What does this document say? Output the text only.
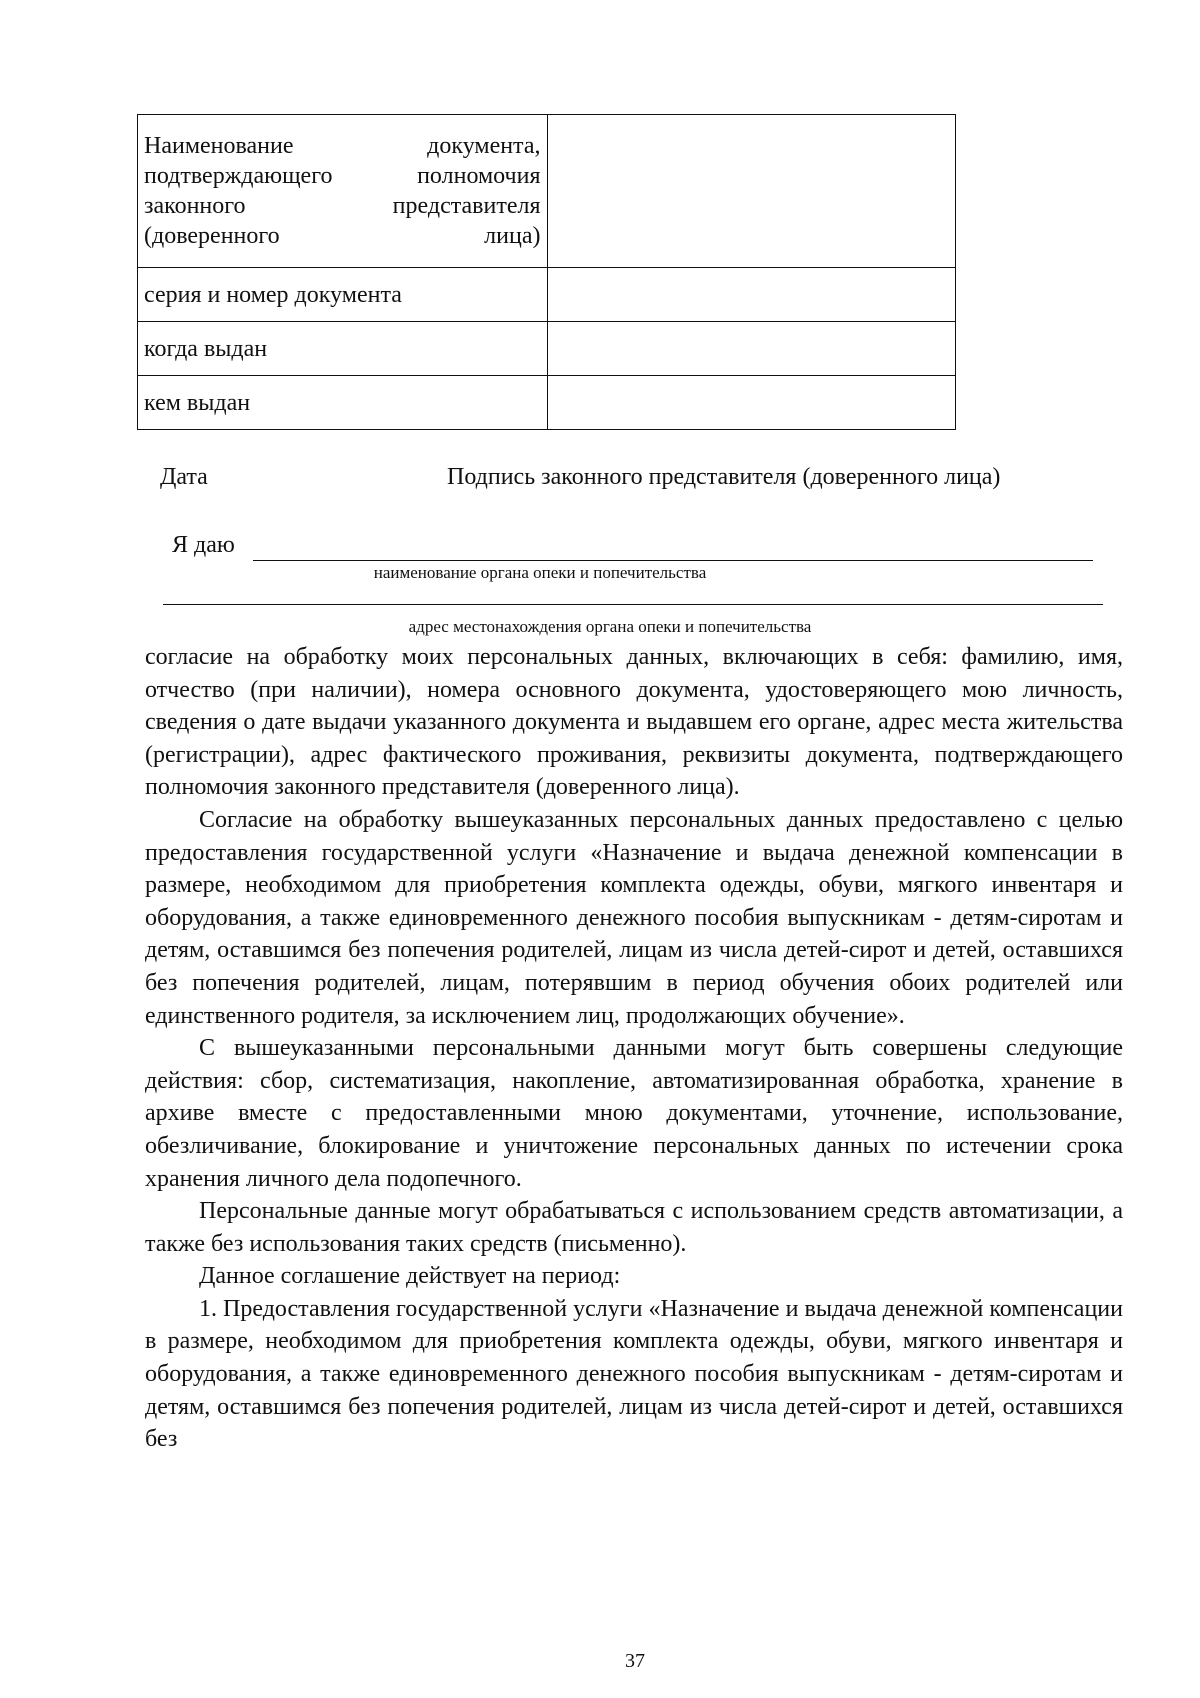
Наименование документа, подтверждающего полномочия законного представителя (доверенного лица)	
серия и номер документа	
когда выдан	
кем выдан	
Дата	Подпись законного представителя (доверенного лица)
Я даю
наименование органа опеки и попечительства
адрес местонахождения органа опеки и попечительства

согласие на обработку моих персональных данных, включающих в себя: фамилию, имя, отчество (при наличии), номера основного документа, удостоверяющего мою личность, сведения о дате выдачи указанного документа и выдавшем его органе, адрес места жительства (регистрации), адрес фактического проживания, реквизиты документа, подтверждающего полномочия законного представителя (доверенного лица).

Согласие на обработку вышеуказанных персональных данных предоставлено с целью предоставления государственной услуги «Назначение и выдача денежной компенсации в размере, необходимом для приобретения комплекта одежды, обуви, мягкого инвентаря и оборудования, а также единовременного денежного пособия выпускникам - детям-сиротам и детям, оставшимся без попечения родителей, лицам из числа детей-сирот и детей, оставшихся без попечения родителей, лицам, потерявшим в период обучения обоих родителей или единственного родителя, за исключением лиц, продолжающих обучение».

С вышеуказанными персональными данными могут быть совершены следующие действия: сбор, систематизация, накопление, автоматизированная обработка, хранение в архиве вместе с предоставленными мною документами, уточнение, использование, обезличивание, блокирование и уничтожение персональных данных по истечении срока хранения личного дела подопечного.

Персональные данные могут обрабатываться с использованием средств автоматизации, а также без использования таких средств (письменно).

Данное соглашение действует на период:

1. Предоставления государственной услуги «Назначение и выдача денежной компенсации в размере, необходимом для приобретения комплекта одежды, обуви, мягкого инвентаря и оборудования, а также единовременного денежного пособия выпускникам - детям-сиротам и детям, оставшимся без попечения родителей, лицам из числа детей-сирот и детей, оставшихся без

37
